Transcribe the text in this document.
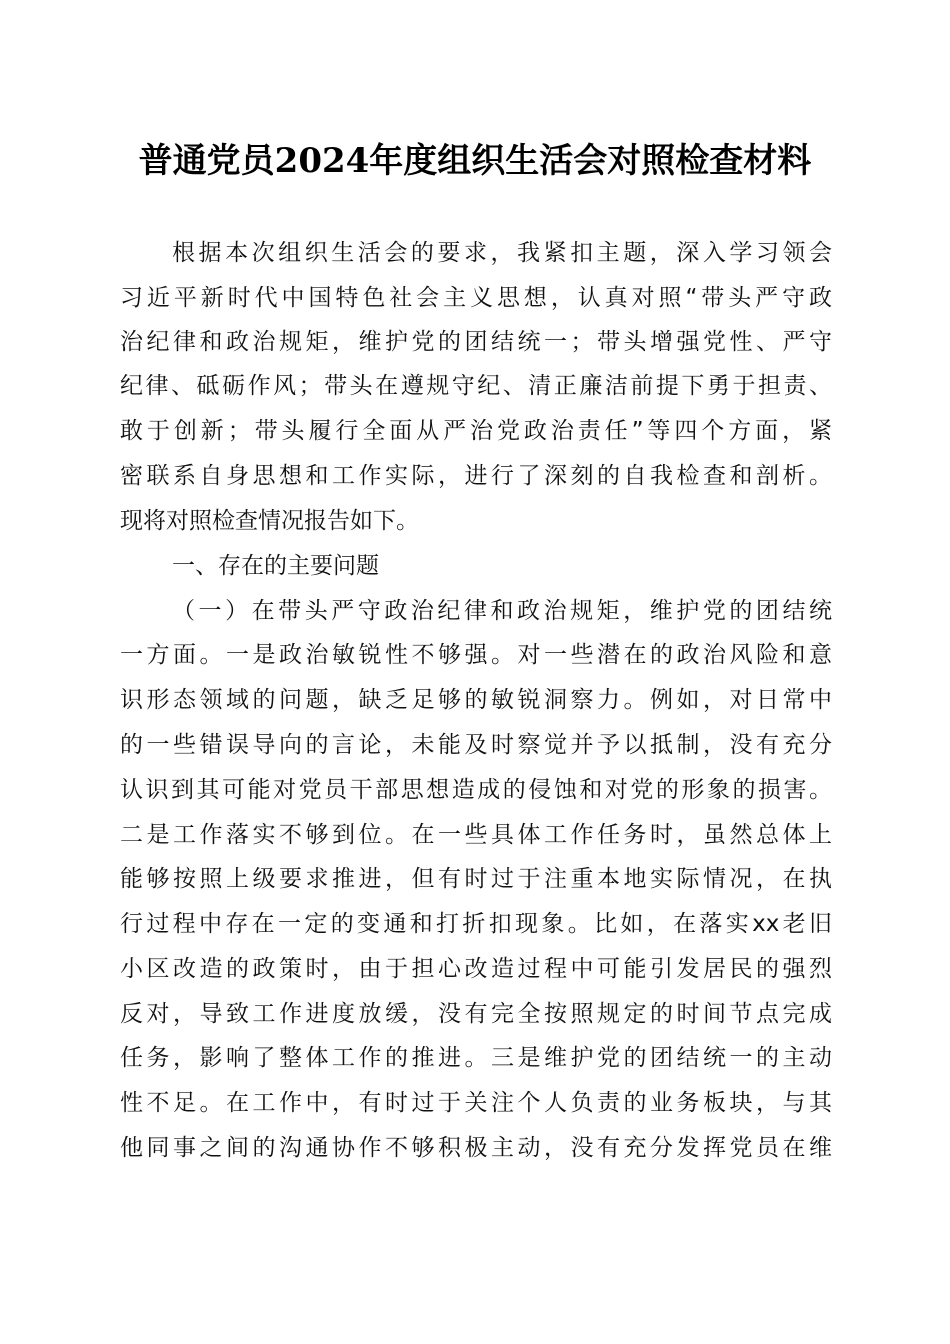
普通党员2024年度组织生活会对照检查材料
根据本次组织生活会的要求，我紧扣主题，深入学习领会
习近平新时代中国特色社会主义思想，认真对照“带头严守政
治纪律和政治规矩，维护党的团结统一；带头增强党性、严守
纪律、砥砺作风；带头在遵规守纪、清正廉洁前提下勇于担责、
敢于创新；带头履行全面从严治党政治责任”等四个方面，紧
密联系自身思想和工作实际，进行了深刻的自我检查和剖析。
现将对照检查情况报告如下。
一、存在的主要问题
（一）在带头严守政治纪律和政治规矩，维护党的团结统
一方面。一是政治敏锐性不够强。对一些潜在的政治风险和意
识形态领域的问题，缺乏足够的敏锐洞察力。例如，对日常中
的一些错误导向的言论，未能及时察觉并予以抵制，没有充分
认识到其可能对党员干部思想造成的侵蚀和对党的形象的损害。
二是工作落实不够到位。在一些具体工作任务时，虽然总体上
能够按照上级要求推进，但有时过于注重本地实际情况，在执
行过程中存在一定的变通和打折扣现象。比如，在落实xx老旧
小区改造的政策时，由于担心改造过程中可能引发居民的强烈
反对，导致工作进度放缓，没有完全按照规定的时间节点完成
任务，影响了整体工作的推进。三是维护党的团结统一的主动
性不足。在工作中，有时过于关注个人负责的业务板块，与其
他同事之间的沟通协作不够积极主动，没有充分发挥党员在维
